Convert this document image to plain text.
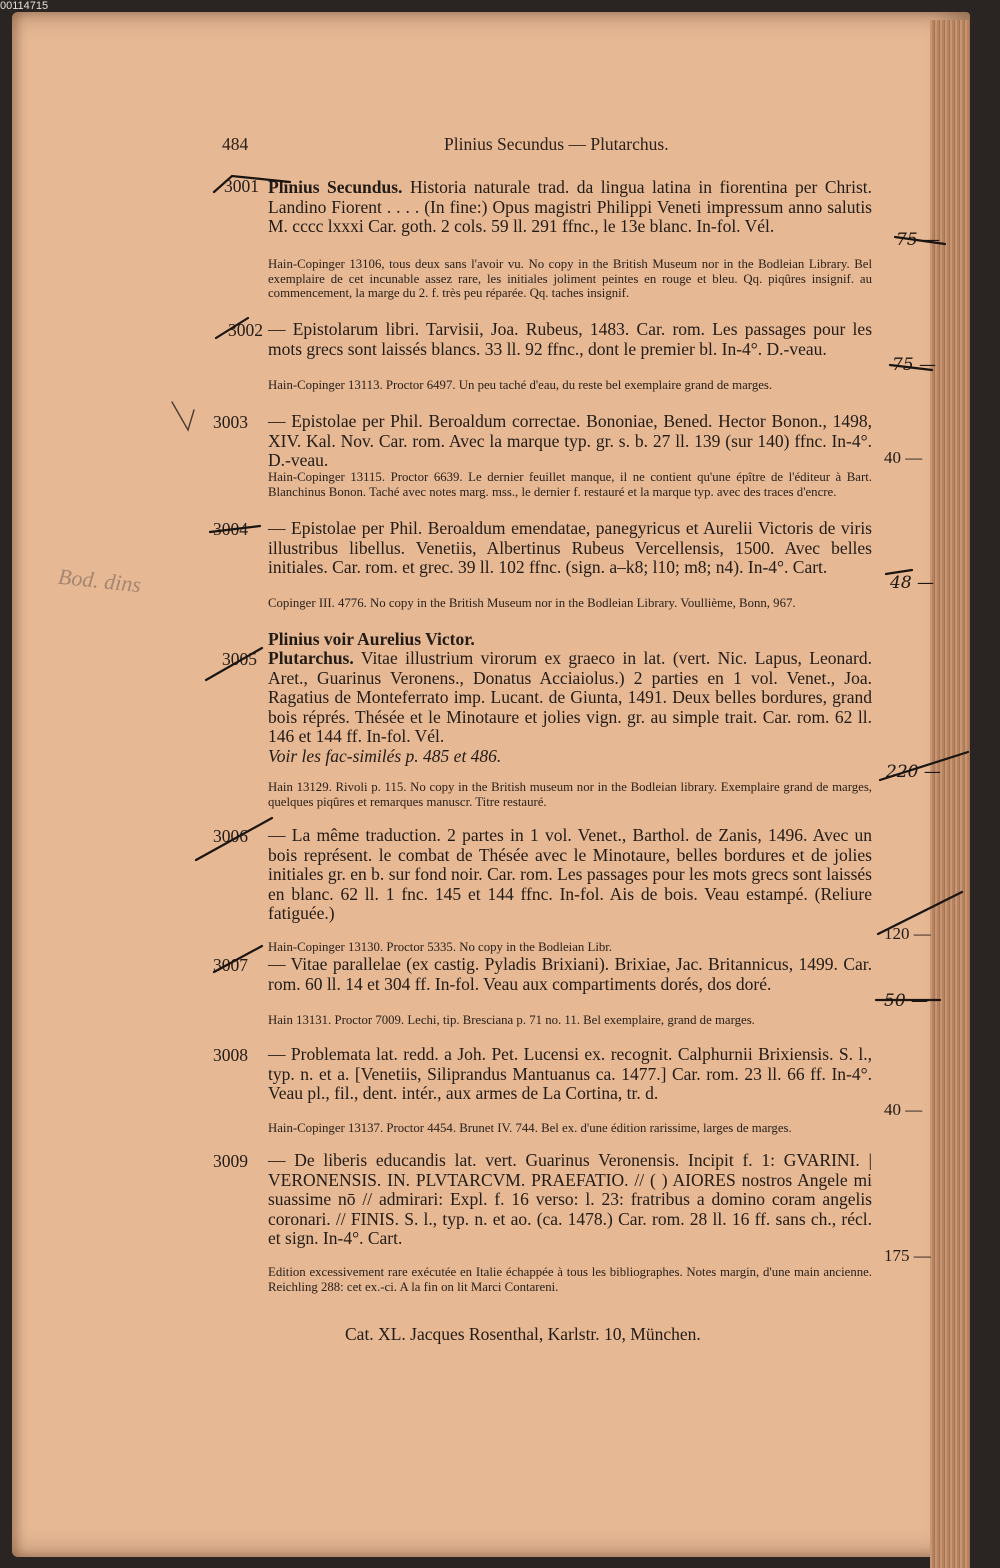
00114715
484	Plinius Secundus — Plutarchus.
Bod. dins
3001 Plinius Secundus. Historia naturale trad. da lingua latina in fiorentina per Christ. Landino Fiorent . . . . (In fine:) Opus magistri Philippi Veneti impressum anno salutis M. cccc lxxxi Car. goth. 2 cols. 59 ll. 291 ffnc., le 13e blanc. In-fol. Vél.
Hain-Copinger 13106, tous deux sans l'avoir vu. No copy in the British Museum nor in the Bodleian Library. Bel exemplaire de cet incunable assez rare, les initiales joliment peintes en rouge et bleu. Qq. piqûres insignif. au commencement, la marge du 2. f. très peu réparée. Qq. taches insignif.
75 —
3002 — Epistolarum libri. Tarvisii, Joa. Rubeus, 1483. Car. rom. Les passages pour les mots grecs sont laissés blancs. 33 ll. 92 ffnc., dont le premier bl. In-4°. D.-veau.
Hain-Copinger 13113. Proctor 6497. Un peu taché d'eau, du reste bel exemplaire grand de marges.
75 —
3003 — Epistolae per Phil. Beroaldum correctae. Bononiae, Bened. Hector Bonon., 1498, XIV. Kal. Nov. Car. rom. Avec la marque typ. gr. s. b. 27 ll. 139 (sur 140) ffnc. In-4°. D.-veau.
Hain-Copinger 13115. Proctor 6639. Le dernier feuillet manque, il ne contient qu'une épître de l'éditeur à Bart. Blanchinus Bonon. Taché avec notes marg. mss., le dernier f. restauré et la marque typ. avec des traces d'encre.
40 —
3004 — Epistolae per Phil. Beroaldum emendatae, panegyricus et Aurelii Victoris de viris illustribus libellus. Venetiis, Albertinus Rubeus Vercellensis, 1500. Avec belles initiales. Car. rom. et grec. 39 ll. 102 ffnc. (sign. a–k8; l10; m8; n4). In-4°. Cart.
Copinger III. 4776. No copy in the British Museum nor in the Bodleian Library. Voullième, Bonn, 967.
48 —
Plinius voir Aurelius Victor.
3005 Plutarchus. Vitae illustrium virorum ex graeco in lat. (vert. Nic. Lapus, Leonard. Aret., Guarinus Veronens., Donatus Acciaiolus.) 2 parties en 1 vol. Venet., Joa. Ragatius de Monteferrato imp. Lucant. de Giunta, 1491. Deux belles bordures, grand bois réprés. Thésée et le Minotaure et jolies vign. gr. au simple trait. Car. rom. 62 ll. 146 et 144 ff. In-fol. Vél.
Voir les fac-similés p. 485 et 486.
Hain 13129. Rivoli p. 115. No copy in the British museum nor in the Bodleian library. Exemplaire grand de marges, quelques piqûres et remarques manuscr. Titre restauré.
220 —
3006 — La même traduction. 2 partes in 1 vol. Venet., Barthol. de Zanis, 1496. Avec un bois représent. le combat de Thésée avec le Minotaure, belles bordures et de jolies initiales gr. en b. sur fond noir. Car. rom. Les passages pour les mots grecs sont laissés en blanc. 62 ll. 1 fnc. 145 et 144 ffnc. In-fol. Ais de bois. Veau estampé. (Reliure fatiguée.)
Hain-Copinger 13130. Proctor 5335. No copy in the Bodleian Libr.
120 —
3007 — Vitae parallelae (ex castig. Pyladis Brixiani). Brixiae, Jac. Britannicus, 1499. Car. rom. 60 ll. 14 et 304 ff. In-fol. Veau aux compartiments dorés, dos doré.
Hain 13131. Proctor 7009. Lechi, tip. Bresciana p. 71 no. 11. Bel exemplaire, grand de marges.
50 —
3008 — Problemata lat. redd. a Joh. Pet. Lucensi ex. recognit. Calphurnii Brixiensis. S. l., typ. n. et a. [Venetiis, Siliprandus Mantuanus ca. 1477.] Car. rom. 23 ll. 66 ff. In-4°. Veau pl., fil., dent. intér., aux armes de La Cortina, tr. d.
Hain-Copinger 13137. Proctor 4454. Brunet IV. 744. Bel ex. d'une édition rarissime, larges de marges.
40 —
3009 — De liberis educandis lat. vert. Guarinus Veronensis. Incipit f. 1: GVARINI. | VERONENSIS. IN. PLVTARCVM. PRAEFATIO. // ( ) AIORES nostros Angele mi suassime nō // admirari: Expl. f. 16 verso: l. 23: fratribus a domino coram angelis coronari. // FINIS. S. l., typ. n. et ao. (ca. 1478.) Car. rom. 28 ll. 16 ff. sans ch., récl. et sign. In-4°. Cart.
Edition excessivement rare exécutée en Italie échappée à tous les bibliographes. Notes margin, d'une main ancienne. Reichling 288: cet ex.-ci. A la fin on lit Marci Contareni.
175 —
Cat. XL. Jacques Rosenthal, Karlstr. 10, München.
